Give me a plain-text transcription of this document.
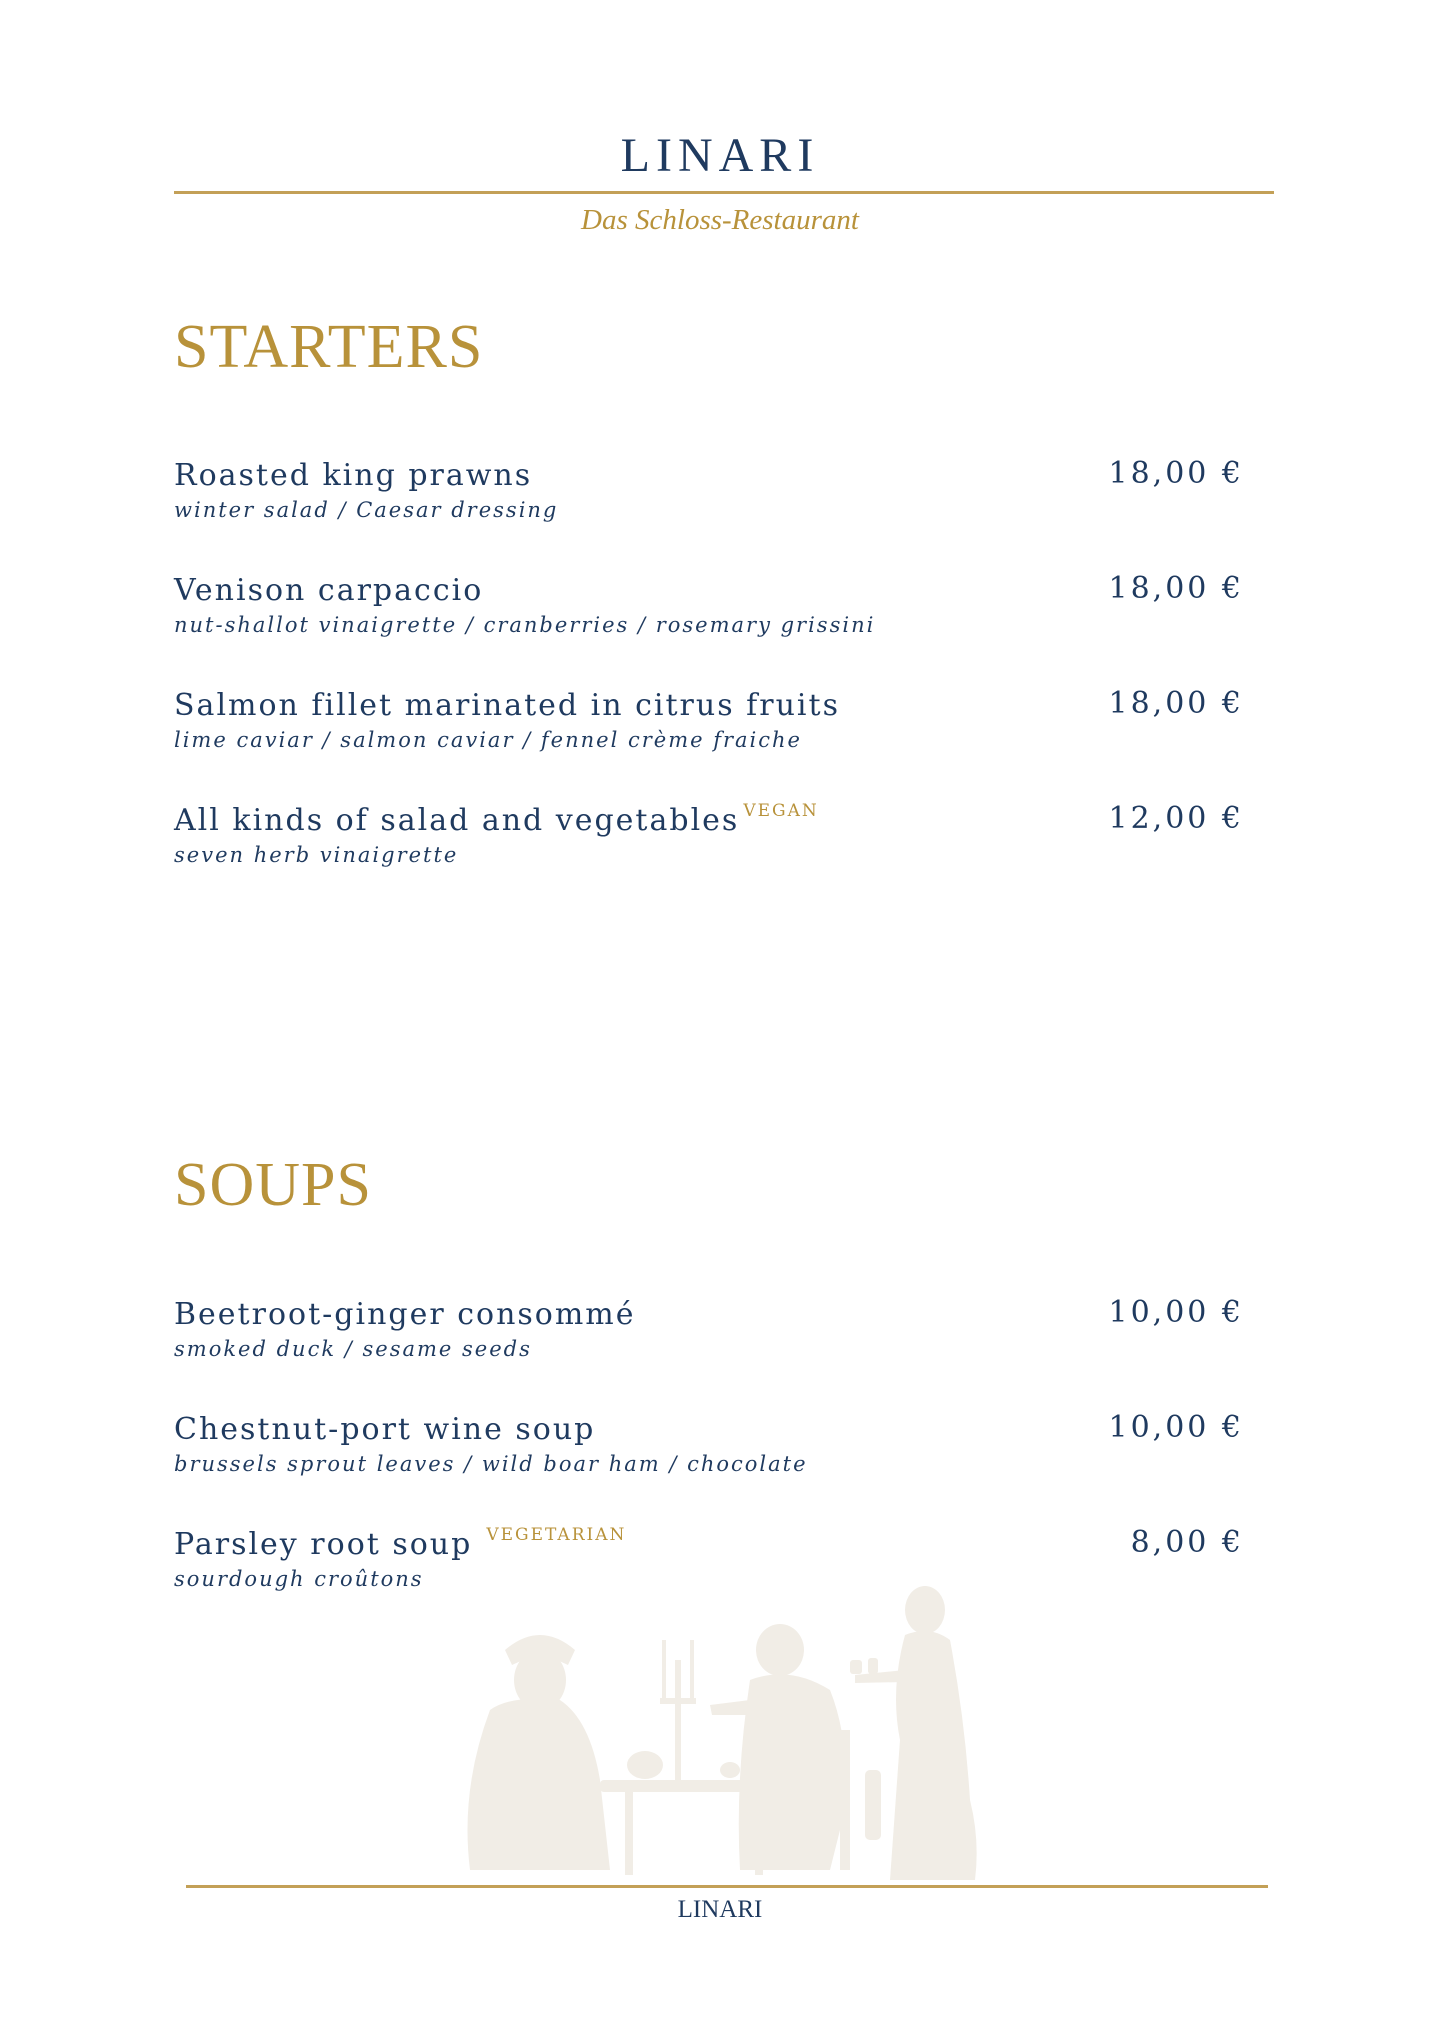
LINARI
Das Schloss-Restaurant
STARTERS
Roasted king prawns
winter salad / Caesar dressing
18,00 €
Venison carpaccio
nut-shallot vinaigrette / cranberries / rosemary grissini
18,00 €
Salmon fillet marinated in citrus fruits
lime caviar / salmon caviar / fennel crème fraiche
18,00 €
All kinds of salad and vegetables $^{VEGAN}$
seven herb vinaigrette
12,00 €
SOUPS
Beetroot-ginger consommé
smoked duck / sesame seeds
10,00 €
Chestnut-port wine soup
brussels sprout leaves / wild boar ham / chocolate
10,00 €
Parsley root soup $^{VEGETARIAN}$
sourdough croûtons
8,00 €
LINARI
